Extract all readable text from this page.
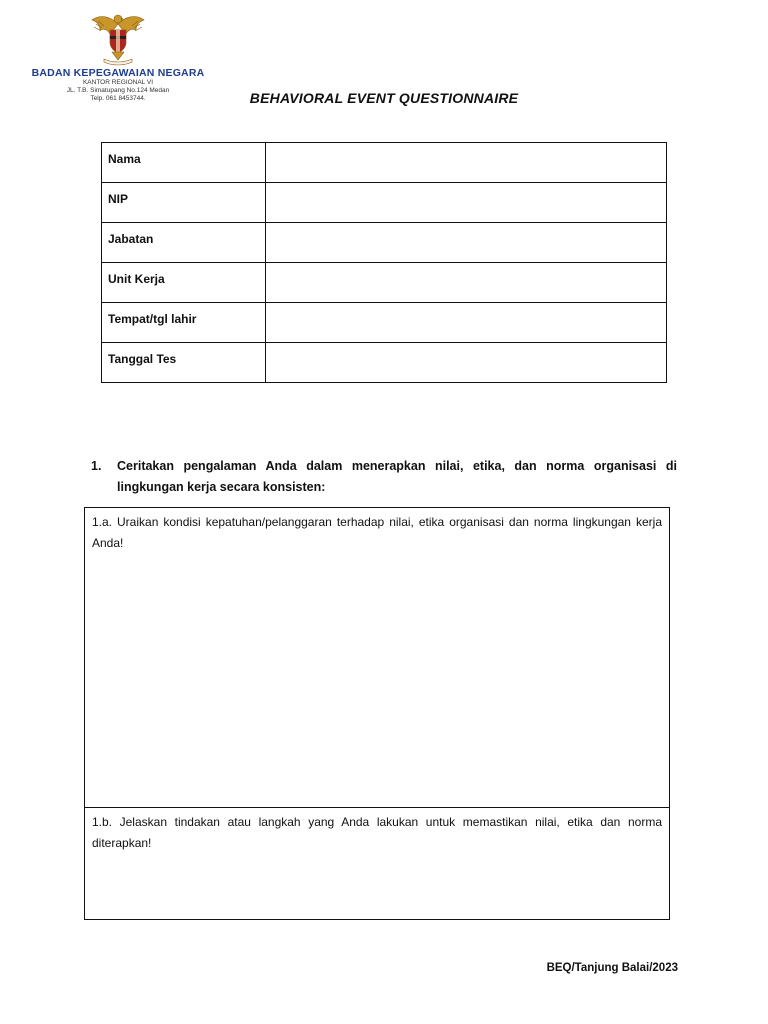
BADAN KEPEGAWAIAN NEGARA
KANTOR REGIONAL VI
JL. T.B. Simatupang No.124 Medan
Telp. 061 8453744.	BEHAVIORAL EVENT QUESTIONNAIRE
Nama	
NIP	
Jabatan	
Unit Kerja	
Tempat/tgl lahir	
Tanggal Tes	
1. Ceritakan pengalaman Anda dalam menerapkan nilai, etika, dan norma organisasi di lingkungan kerja secara konsisten:
1.a. Uraikan kondisi kepatuhan/pelanggaran terhadap nilai, etika organisasi dan norma lingkungan kerja Anda!
1.b. Jelaskan tindakan atau langkah yang Anda lakukan untuk memastikan nilai, etika dan norma diterapkan!
BEQ/Tanjung Balai/2023
